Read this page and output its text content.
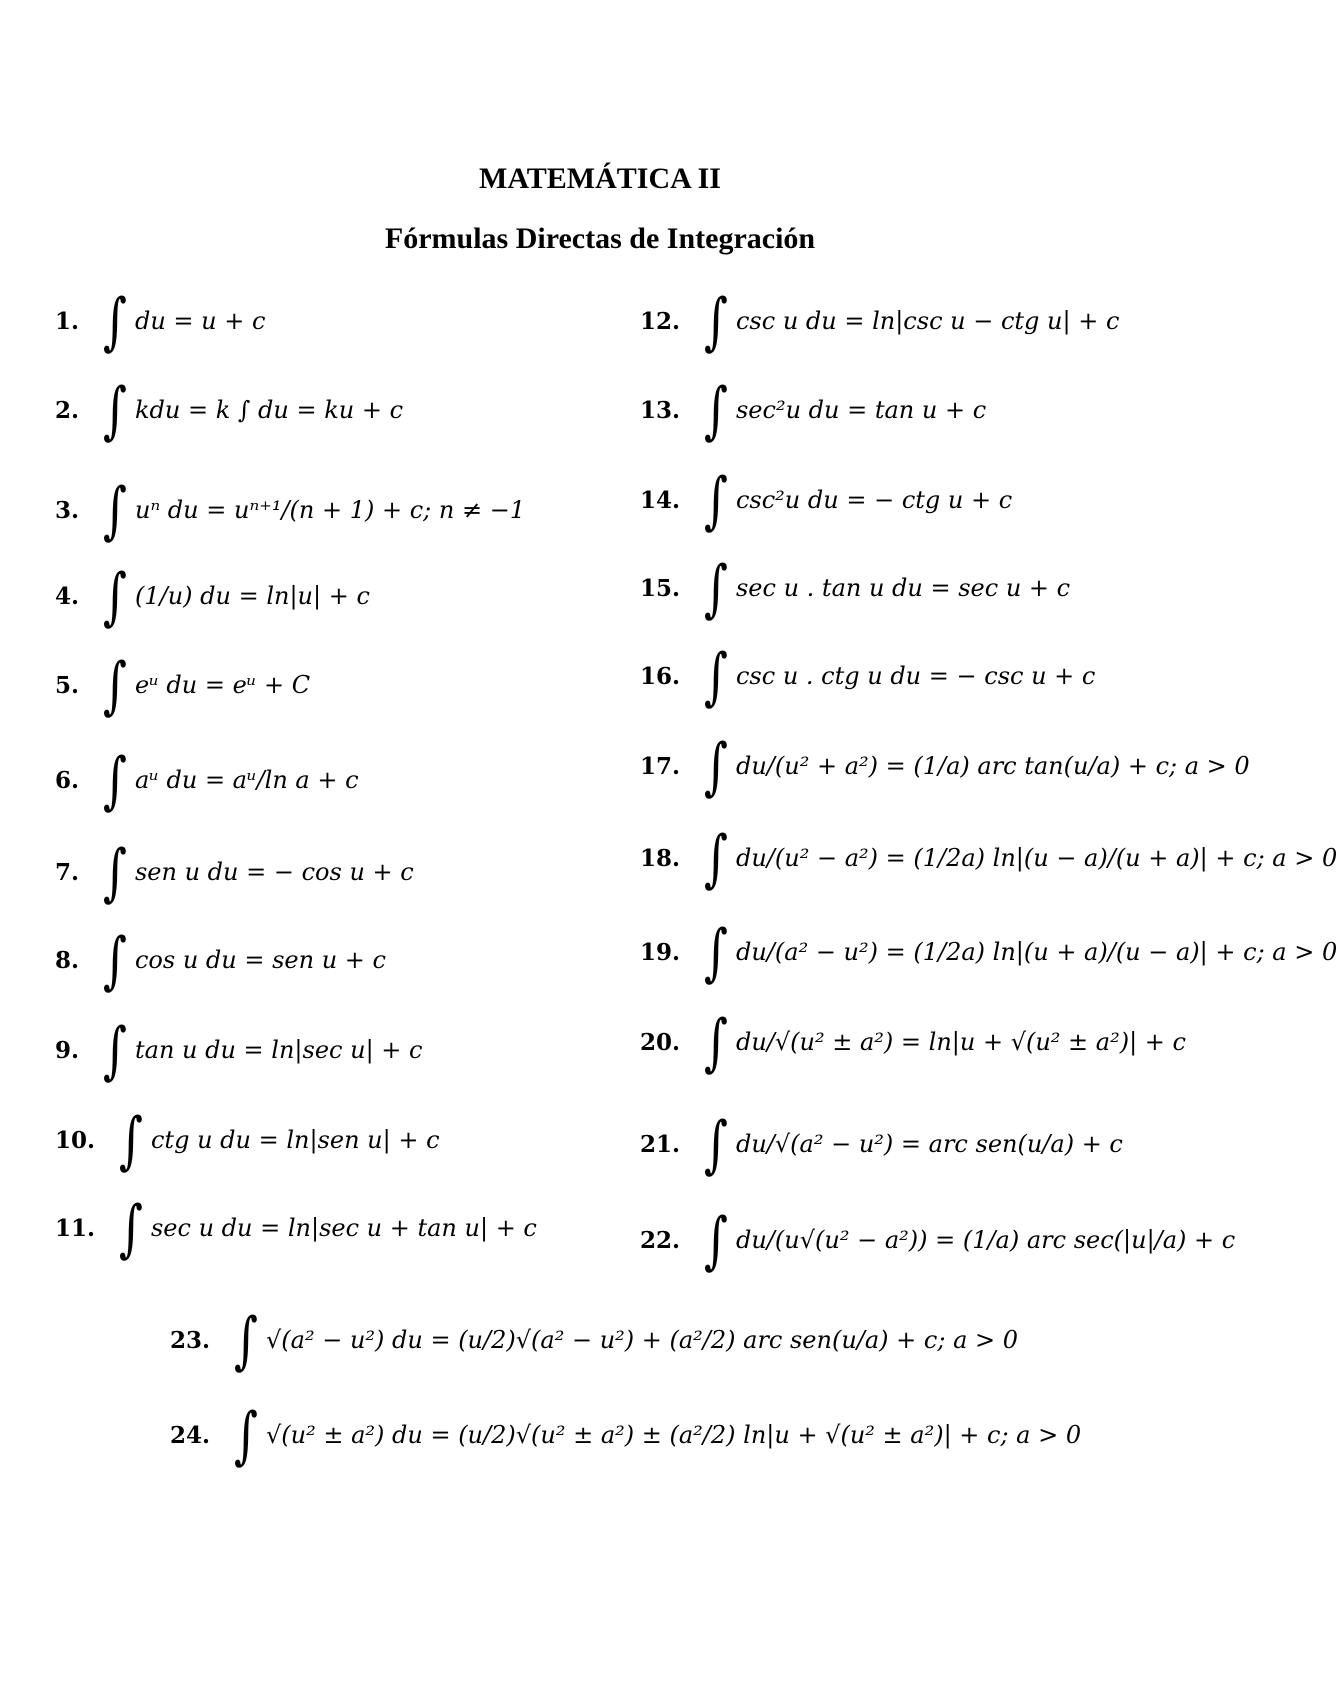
MATEMÁTICA II
Fórmulas Directas de Integración
1. ∫ du = u + c
2. ∫ kdu = k ∫ du = ku + c
3. ∫ uⁿ du = uⁿ⁺¹/(n + 1) + c; n ≠ −1
4. ∫ (1/u) du = ln|u| + c
5. ∫ eᵘ du = eᵘ + C
6. ∫ aᵘ du = aᵘ/ln a + c
7. ∫ sen u du = − cos u + c
8. ∫ cos u du = sen u + c
9. ∫ tan u du = ln|sec u| + c
10. ∫ ctg u du = ln|sen u| + c
11. ∫ sec u du = ln|sec u + tan u| + c
12. ∫ csc u du = ln|csc u − ctg u| + c
13. ∫ sec²u du = tan u + c
14. ∫ csc²u du = − ctg u + c
15. ∫ sec u . tan u du = sec u + c
16. ∫ csc u . ctg u du = − csc u + c
17. ∫ du/(u² + a²) = (1/a) arc tan(u/a) + c; a > 0
18. ∫ du/(u² − a²) = (1/2a) ln|(u − a)/(u + a)| + c; a > 0
19. ∫ du/(a² − u²) = (1/2a) ln|(u + a)/(u − a)| + c; a > 0
20. ∫ du/√(u² ± a²) = ln|u + √(u² ± a²)| + c
21. ∫ du/√(a² − u²) = arc sen(u/a) + c
22. ∫ du/(u√(u² − a²)) = (1/a) arc sec(|u|/a) + c
23. ∫ √(a² − u²) du = (u/2)√(a² − u²) + (a²/2) arc sen(u/a) + c; a > 0
24. ∫ √(u² ± a²) du = (u/2)√(u² ± a²) ± (a²/2) ln|u + √(u² ± a²)| + c; a > 0
